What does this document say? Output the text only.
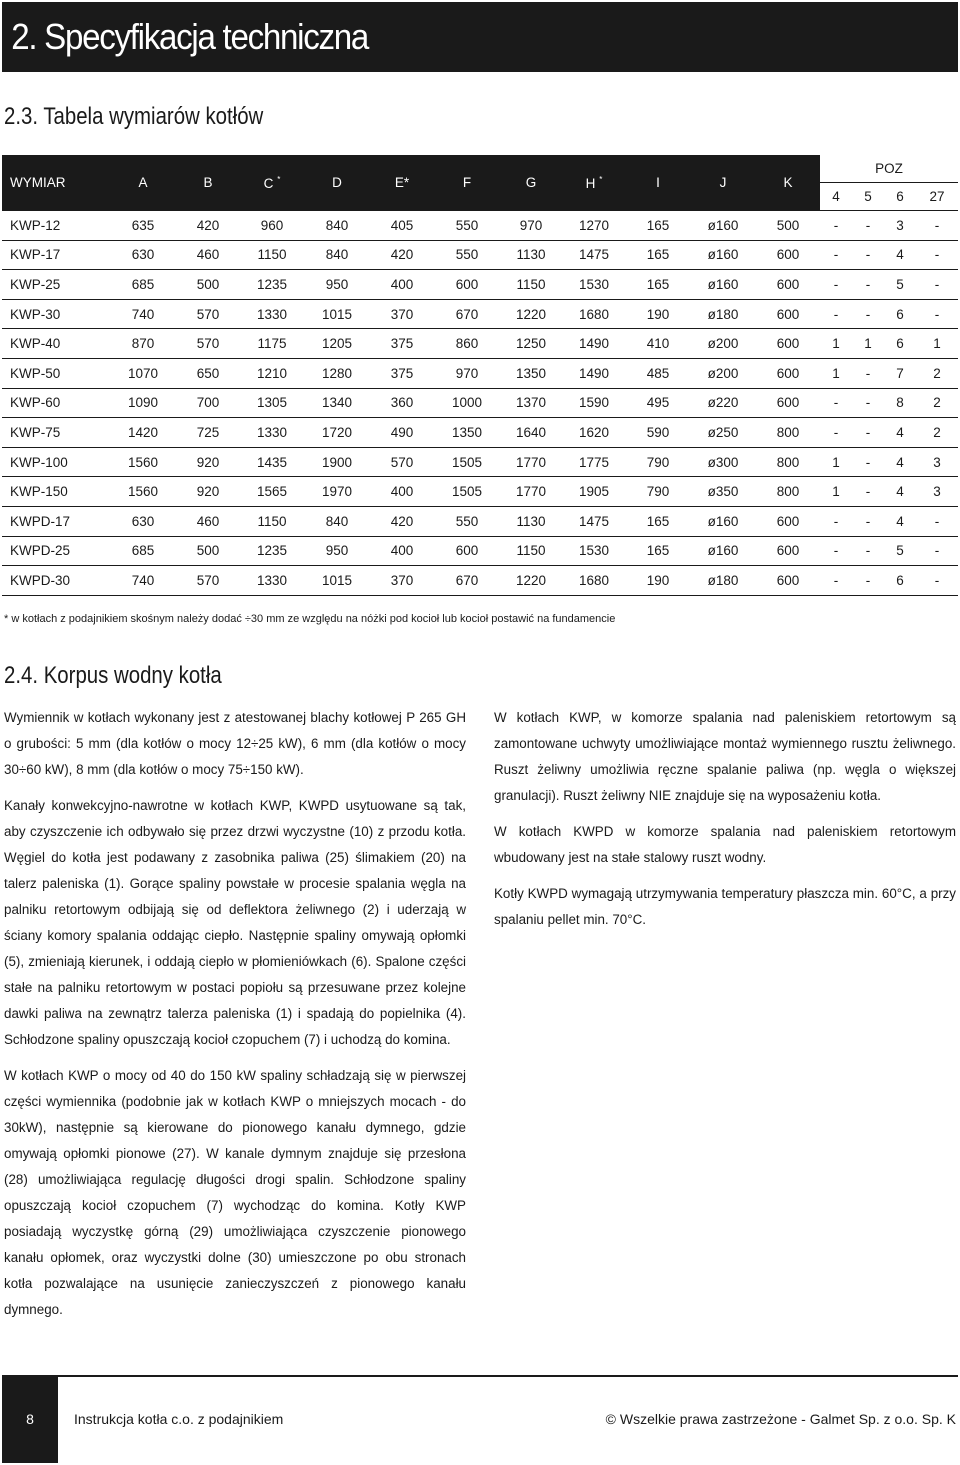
2. Specyfikacja techniczna
2.3. Tabela wymiarów kotłów
WYMIAR	A	B	C *	D	E*	F	G	H *	I	J	K	POZ			
												4	5	6	27
KWP-12	635	420	960	840	405	550	970	1270	165	ø160	500	-	-	3	-
KWP-17	630	460	1150	840	420	550	1130	1475	165	ø160	600	-	-	4	-
KWP-25	685	500	1235	950	400	600	1150	1530	165	ø160	600	-	-	5	-
KWP-30	740	570	1330	1015	370	670	1220	1680	190	ø180	600	-	-	6	-
KWP-40	870	570	1175	1205	375	860	1250	1490	410	ø200	600	1	1	6	1
KWP-50	1070	650	1210	1280	375	970	1350	1490	485	ø200	600	1	-	7	2
KWP-60	1090	700	1305	1340	360	1000	1370	1590	495	ø220	600	-	-	8	2
KWP-75	1420	725	1330	1720	490	1350	1640	1620	590	ø250	800	-	-	4	2
KWP-100	1560	920	1435	1900	570	1505	1770	1775	790	ø300	800	1	-	4	3
KWP-150	1560	920	1565	1970	400	1505	1770	1905	790	ø350	800	1	-	4	3
KWPD-17	630	460	1150	840	420	550	1130	1475	165	ø160	600	-	-	4	-
KWPD-25	685	500	1235	950	400	600	1150	1530	165	ø160	600	-	-	5	-
KWPD-30	740	570	1330	1015	370	670	1220	1680	190	ø180	600	-	-	6	-
* w kotłach z podajnikiem skośnym należy dodać ÷30 mm ze względu na nóżki pod kocioł lub kocioł postawić na fundamencie
2.4. Korpus wodny kotła

Wymiennik w kotłach wykonany jest z atestowanej blachy kotłowej P 265 GH o grubości: 5 mm (dla kotłów o mocy 12÷25 kW), 6 mm (dla kotłów o mocy 30÷60 kW), 8 mm (dla kotłów o mocy 75÷150 kW).

Kanały konwekcyjno-nawrotne w kotłach KWP, KWPD usytuowane są tak, aby czyszczenie ich odbywało się przez drzwi wyczystne (10) z przodu kotła. Węgiel do kotła jest podawany z zasobnika paliwa (25) ślimakiem (20) na talerz paleniska (1). Gorące spaliny powstałe w procesie spalania węgla na palniku retortowym odbijają się od deflektora żeliwnego (2) i uderzają w ściany komory spalania oddając ciepło. Następnie spaliny omywają opłomki (5), zmieniają kierunek, i oddają ciepło w płomieniówkach (6). Spalone części stałe na palniku retortowym w postaci popiołu są przesuwane przez kolejne dawki paliwa na zewnątrz talerza paleniska (1) i spadają do popielnika (4). Schłodzone spaliny opuszczają kocioł czopuchem (7) i uchodzą do komina.

W kotłach KWP o mocy od 40 do 150 kW spaliny schładzają się w pierwszej części wymiennika (podobnie jak w kotłach KWP o mniejszych mocach - do 30kW), następnie są kierowane do pionowego kanału dymnego, gdzie omywają opłomki pionowe (27). W kanale dymnym znajduje się przesłona (28) umożliwiająca regulację długości drogi spalin. Schłodzone spaliny opuszczają kocioł czopuchem (7) wychodząc do komina. Kotły KWP posiadają wyczystkę górną (29) umożliwiająca czyszczenie pionowego kanału opłomek, oraz wyczystki dolne (30) umieszczone po obu stronach kotła pozwalające na usunięcie zanieczyszczeń z pionowego kanału dymnego.

W kotłach KWP, w komorze spalania nad paleniskiem retortowym są zamontowane uchwyty umożliwiające montaż wymiennego rusztu żeliwnego. Ruszt żeliwny umożliwia ręczne spalanie paliwa (np. węgla o większej granulacji). Ruszt żeliwny NIE znajduje się na wyposażeniu kotła.

W kotłach KWPD w komorze spalania nad paleniskiem retortowym wbudowany jest na stałe stalowy ruszt wodny.

Kotły KWPD wymagają utrzymywania temperatury płaszcza min. 60°C, a przy spalaniu pellet min. 70°C.

8	Instrukcja kotła c.o. z podajnikiem	© Wszelkie prawa zastrzeżone - Galmet Sp. z o.o. Sp. K
